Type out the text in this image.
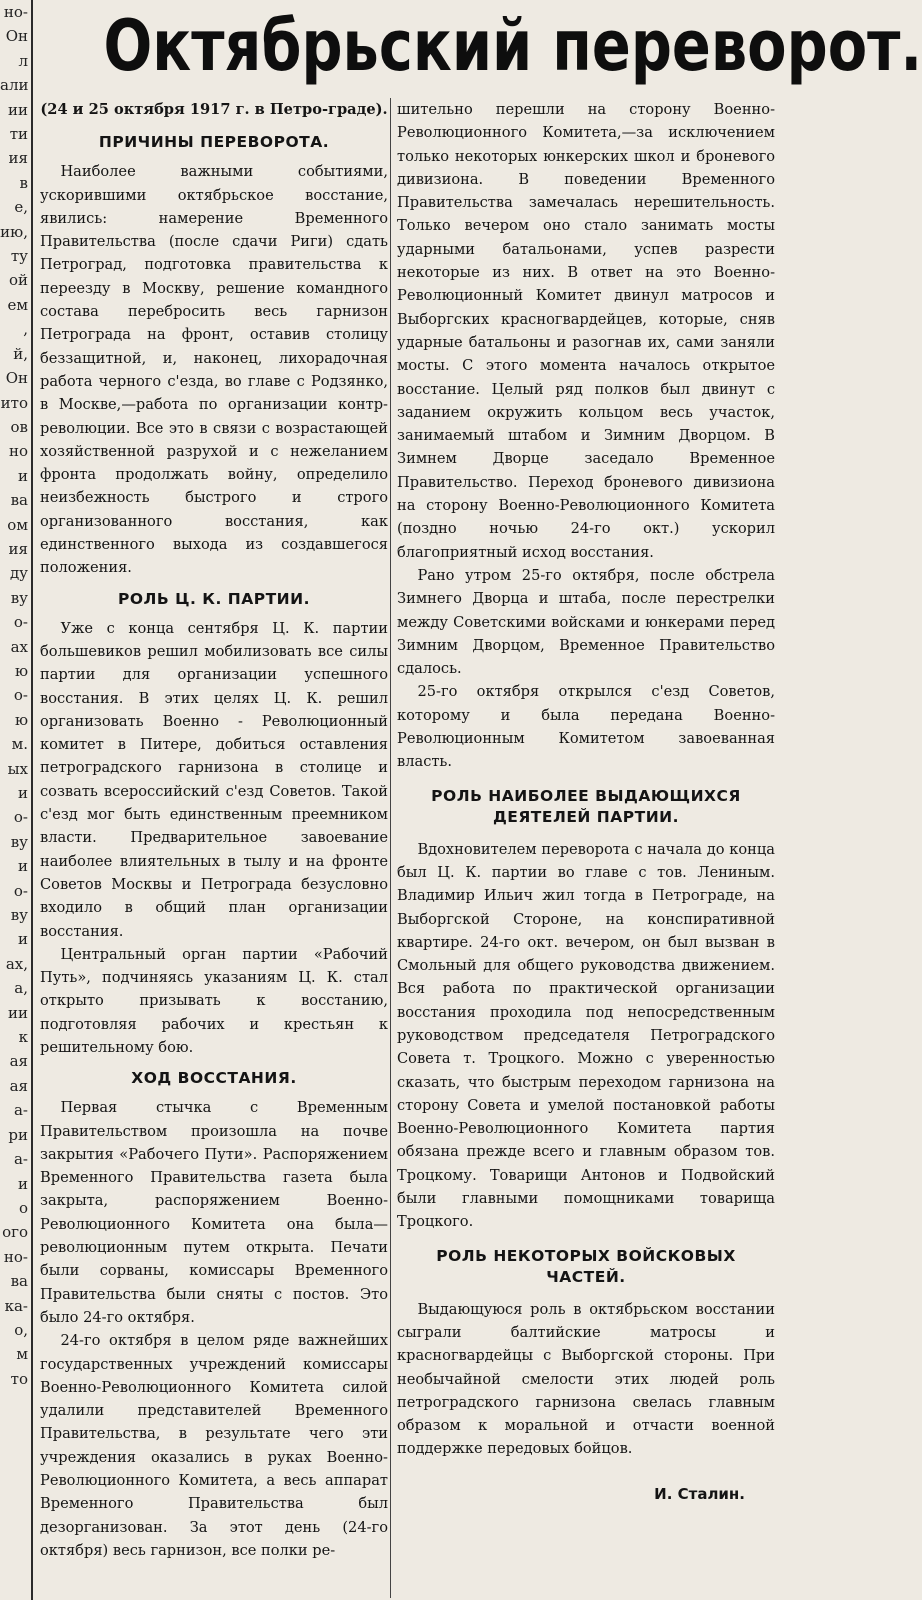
но-
Он
л
али
ии
ти
ия
в
е,
ию,
ту
ой
ем
,
й,
Он
ито
ов
но
и
ва
ом
ия
ду
ву
о-
ах
ю
о-
ю
м.
ых
и
о-
ву
и
о-
ву
и
ах,
а,
ии
к
ая
ая
а-
ри
а-
и
о
ого
но-
ва
ка-
о,
м
то
Октябрьский переворот.

(24 и 25 октября 1917 г. в Петро-граде).

ПРИЧИНЫ ПЕРЕВОРОТА.

Наиболее важными событиями, ускорившими октябрьское восстание, явились: намерение Временного Правительства (после сдачи Риги) сдать Петроград, подготовка правительства к переезду в Москву, решение командного состава перебросить весь гарнизон Петрограда на фронт, оставив столицу беззащитной, и, наконец, лихорадочная работа черного с'езда, во главе с Родзянко, в Москве,—работа по организации контр-революции. Все это в связи с возрастающей хозяйственной разрухой и с нежеланием фронта продолжать войну, определило неизбежность быстрого и строго организованного восстания, как единственного выхода из создавшегося положения.

РОЛЬ Ц. К. ПАРТИИ.

Уже с конца сентября Ц. К. партии большевиков решил мобилизовать все силы партии для организации успешного восстания. В этих целях Ц. К. решил организовать Военно - Революционный комитет в Питере, добиться оставления петроградского гарнизона в столице и созвать всероссийский с'езд Советов. Такой с'езд мог быть единственным преемником власти. Предварительное завоевание наиболее влиятельных в тылу и на фронте Советов Москвы и Петрограда безусловно входило в общий план организации восстания.

Центральный орган партии «Рабочий Путь», подчиняясь указаниям Ц. К. стал открыто призывать к восстанию, подготовляя рабочих и крестьян к решительному бою.

ХОД ВОССТАНИЯ.

Первая стычка с Временным Правительством произошла на почве закрытия «Рабочего Пути». Распоряжением Временного Правительства газета была закрыта, распоряжением Военно-Революционного Комитета она была—революционным путем открыта. Печати были сорваны, комиссары Временного Правительства были сняты с постов. Это было 24-го октября.

24-го октября в целом ряде важнейших государственных учреждений комиссары Военно-Революционного Комитета силой удалили представителей Временного Правительства, в результате чего эти учреждения оказались в руках Военно-Революционного Комитета, а весь аппарат Временного Правительства был дезорганизован. За этот день (24-го октября) весь гарнизон, все полки ре-

шительно перешли на сторону Военно-Революционного Комитета,—за исключением только некоторых юнкерских школ и броневого дивизиона. В поведении Временного Правительства замечалась нерешительность. Только вечером оно стало занимать мосты ударными батальонами, успев разрести некоторые из них. В ответ на это Военно-Революционный Комитет двинул матросов и Выборгских красногвардейцев, которые, сняв ударные батальоны и разогнав их, сами заняли мосты. С этого момента началось открытое восстание. Целый ряд полков был двинут с заданием окружить кольцом весь участок, занимаемый штабом и Зимним Дворцом. В Зимнем Дворце заседало Временное Правительство. Переход броневого дивизиона на сторону Военно-Революционного Комитета (поздно ночью 24-го окт.) ускорил благоприятный исход восстания.

Рано утром 25-го октября, после обстрела Зимнего Дворца и штаба, после перестрелки между Советскими войсками и юнкерами перед Зимним Дворцом, Временное Правительство сдалось.

25-го октября открылся с'езд Советов, которому и была передана Военно-Революционным Комитетом завоеванная власть.

РОЛЬ НАИБОЛЕЕ ВЫДАЮЩИХСЯ ДЕЯТЕЛЕЙ ПАРТИИ.

Вдохновителем переворота с начала до конца был Ц. К. партии во главе с тов. Лениным. Владимир Ильич жил тогда в Петрограде, на Выборгской Стороне, на конспиративной квартире. 24-го окт. вечером, он был вызван в Смольный для общего руководства движением. Вся работа по практической организации восстания проходила под непосредственным руководством председателя Петроградского Совета т. Троцкого. Можно с уверенностью сказать, что быстрым переходом гарнизона на сторону Совета и умелой постановкой работы Военно-Революционного Комитета партия обязана прежде всего и главным образом тов. Троцкому. Товарищи Антонов и Подвойский были главными помощниками товарища Троцкого.

РОЛЬ НЕКОТОРЫХ ВОЙСКОВЫХ ЧАСТЕЙ.

Выдающуюся роль в октябрьском восстании сыграли балтийские матросы и красногвардейцы с Выборгской стороны. При необычайной смелости этих людей роль петроградского гарнизона свелась главным образом к моральной и отчасти военной поддержке передовых бойцов.

И. Сталин.
